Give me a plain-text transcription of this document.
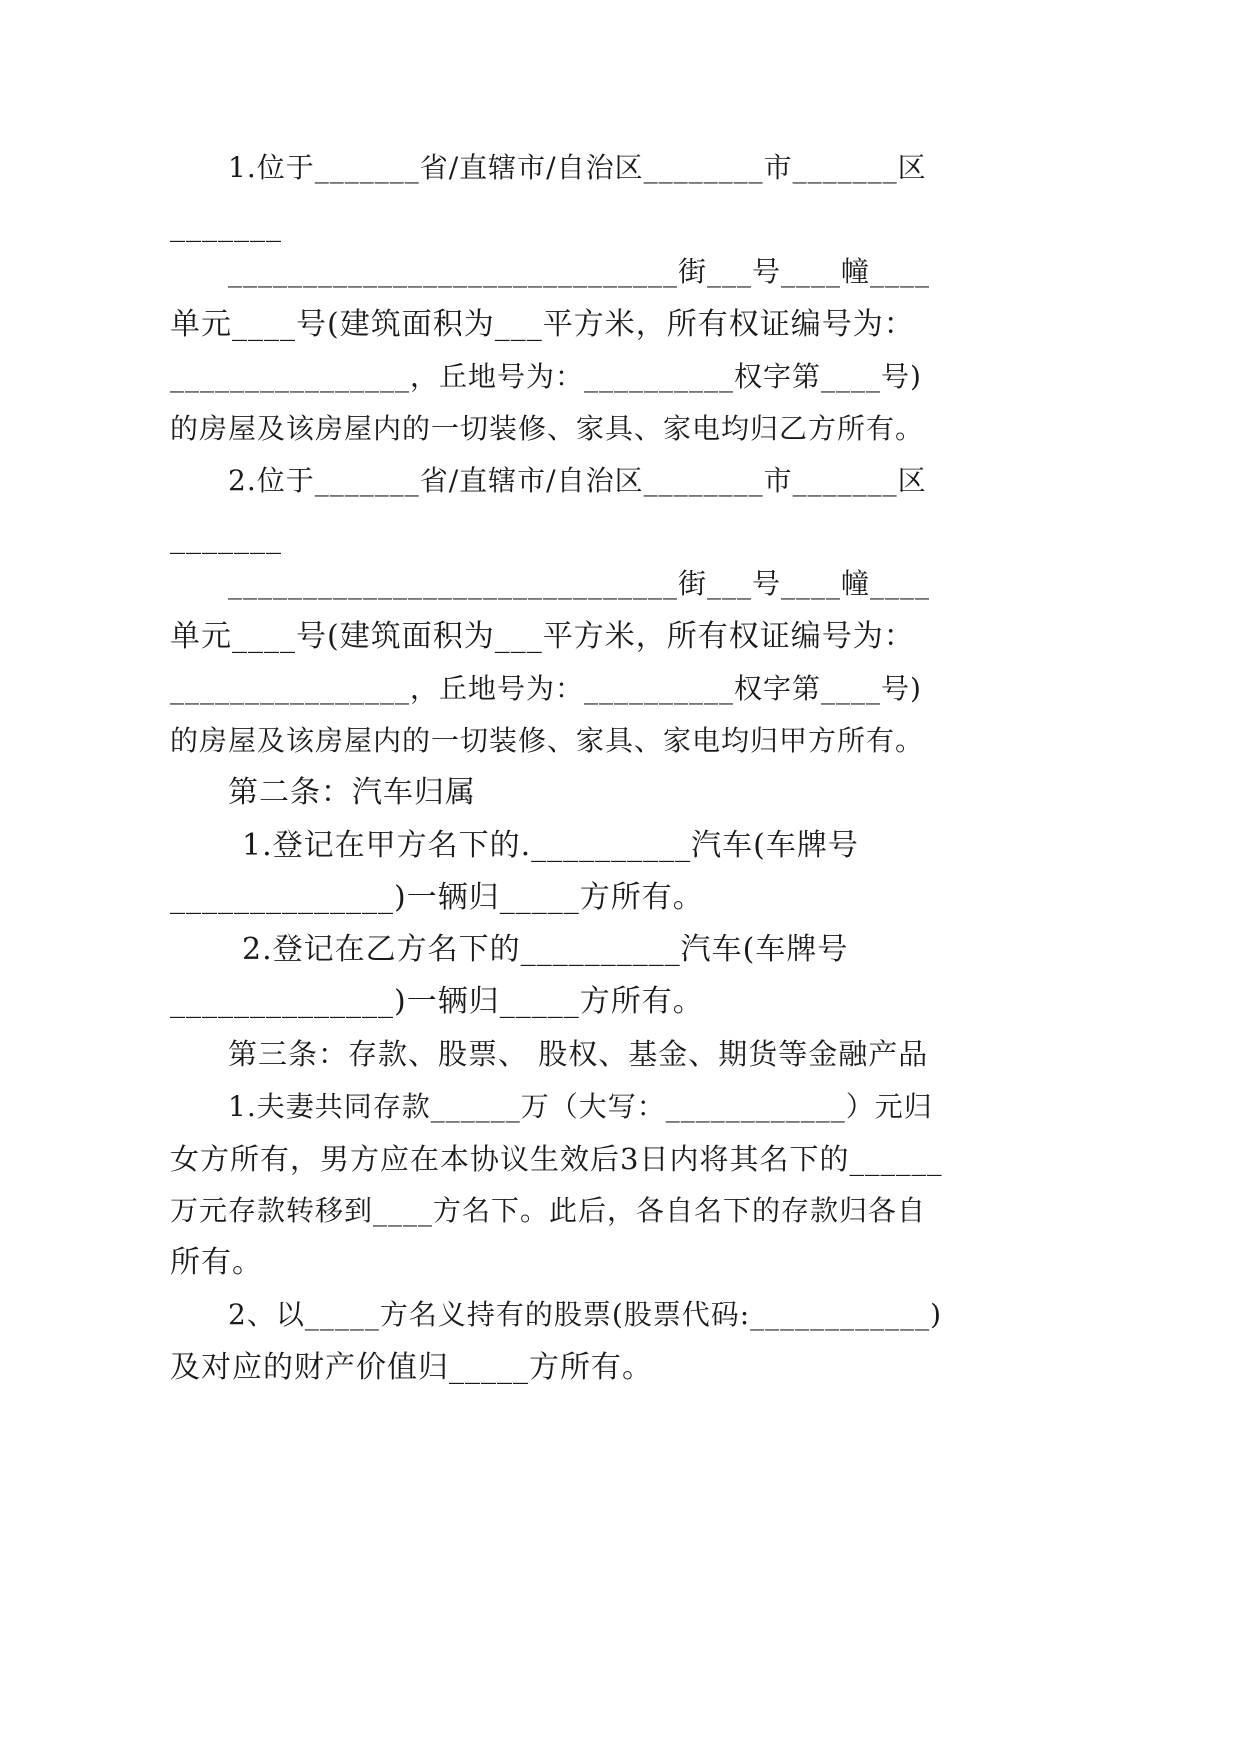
1.位于_______省/直辖市/自治区________市_______区
_______
______________________________街___号____幢____
单元____号(建筑面积为___平方米，所有权证编号为：
________________，丘地号为：__________权字第____号)
的房屋及该房屋内的一切装修、家具、家电均归乙方所有。
2.位于_______省/直辖市/自治区________市_______区
_______
______________________________街___号____幢____
单元____号(建筑面积为___平方米，所有权证编号为：
________________，丘地号为：__________权字第____号)
的房屋及该房屋内的一切装修、家具、家电均归甲方所有。
第二条：汽车归属
1.登记在甲方名下的.__________汽车(车牌号
______________)一辆归_____方所有。
2.登记在乙方名下的__________汽车(车牌号
______________)一辆归_____方所有。
第三条：存款、股票、 股权、基金、期货等金融产品
1.夫妻共同存款______万（大写：____________）元归
女方所有，男方应在本协议生效后3日内将其名下的______
万元存款转移到____方名下。此后，各自名下的存款归各自
所有。
2、以_____方名义持有的股票(股票代码:____________)
及对应的财产价值归_____方所有。
